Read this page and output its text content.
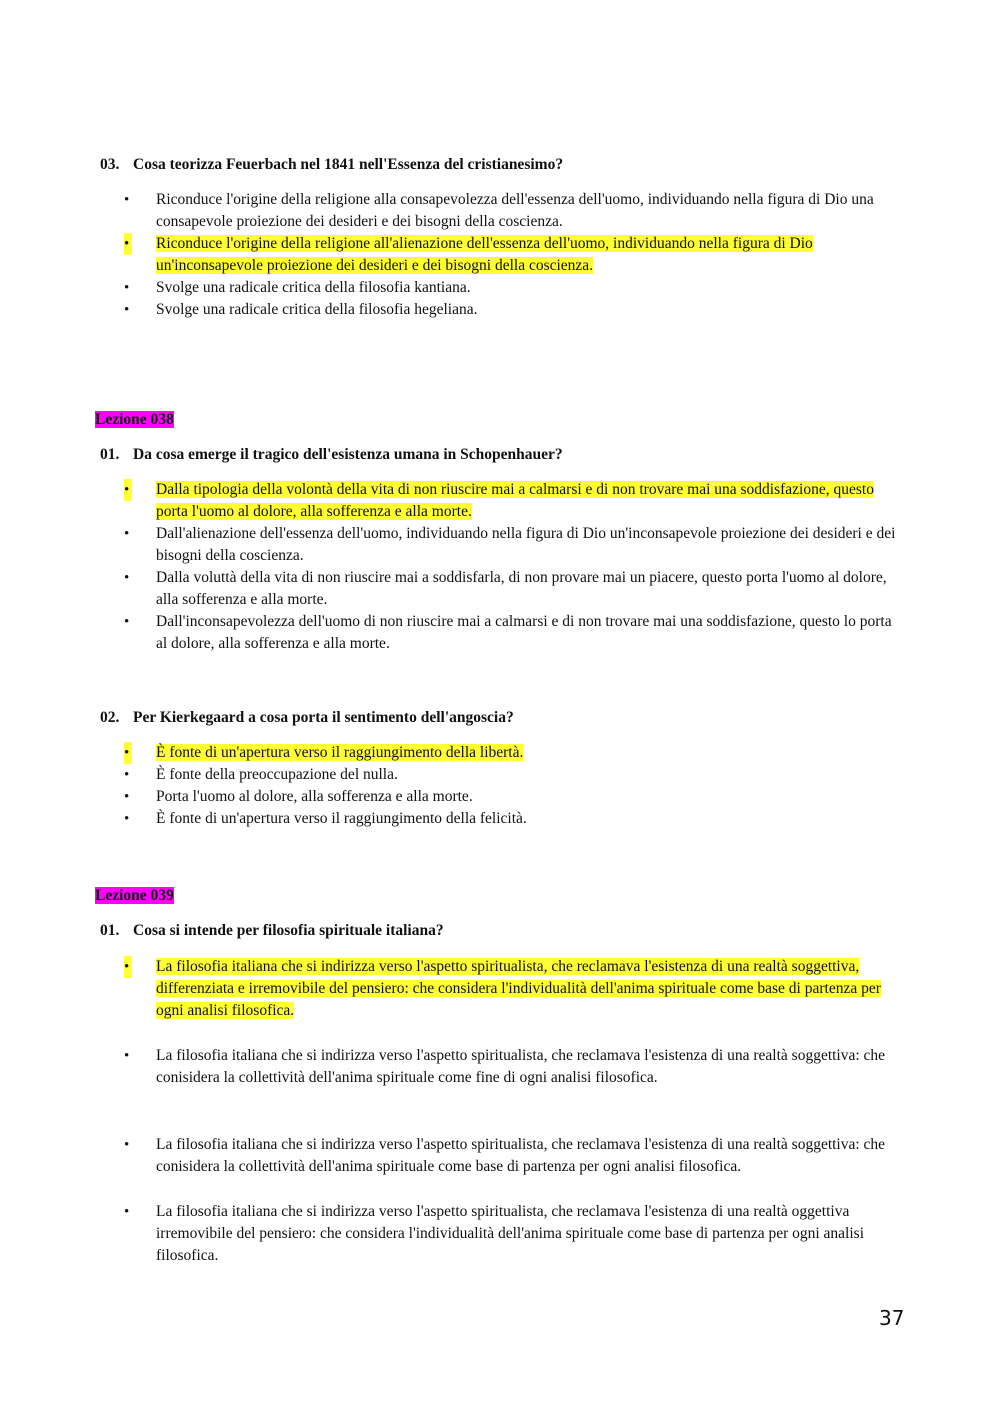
03. Cosa teorizza Feuerbach nel 1841 nell'Essenza del cristianesimo?
• Riconduce l'origine della religione alla consapevolezza dell'essenza dell'uomo, individuando nella figura di Dio una consapevole proiezione dei desideri e dei bisogni della coscienza.
• Riconduce l'origine della religione all'alienazione dell'essenza dell'uomo, individuando nella figura di Dio un'inconsapevole proiezione dei desideri e dei bisogni della coscienza.
• Svolge una radicale critica della filosofia kantiana.
• Svolge una radicale critica della filosofia hegeliana.
Lezione 038
01. Da cosa emerge il tragico dell'esistenza umana in Schopenhauer?
• Dalla tipologia della volontà della vita di non riuscire mai a calmarsi e di non trovare mai una soddisfazione, questo porta l'uomo al dolore, alla sofferenza e alla morte.
• Dall'alienazione dell'essenza dell'uomo, individuando nella figura di Dio un'inconsapevole proiezione dei desideri e dei bisogni della coscienza.
• Dalla voluttà della vita di non riuscire mai a soddisfarla, di non provare mai un piacere, questo porta l'uomo al dolore, alla sofferenza e alla morte.
• Dall'inconsapevolezza dell'uomo di non riuscire mai a calmarsi e di non trovare mai una soddisfazione, questo lo porta al dolore, alla sofferenza e alla morte.
02. Per Kierkegaard a cosa porta il sentimento dell'angoscia?
• È fonte di un'apertura verso il raggiungimento della libertà.
• È fonte della preoccupazione del nulla.
• Porta l'uomo al dolore, alla sofferenza e alla morte.
• È fonte di un'apertura verso il raggiungimento della felicità.
Lezione 039
01. Cosa si intende per filosofia spirituale italiana?
• La filosofia italiana che si indirizza verso l'aspetto spiritualista, che reclamava l'esistenza di una realtà soggettiva, differenziata e irremovibile del pensiero: che considera l'individualità dell'anima spirituale come base di partenza per ogni analisi filosofica.
• La filosofia italiana che si indirizza verso l'aspetto spiritualista, che reclamava l'esistenza di una realtà soggettiva: che conisidera la collettività dell'anima spirituale come fine di ogni analisi filosofica.
• La filosofia italiana che si indirizza verso l'aspetto spiritualista, che reclamava l'esistenza di una realtà soggettiva: che conisidera la collettività dell'anima spirituale come base di partenza per ogni analisi filosofica.
• La filosofia italiana che si indirizza verso l'aspetto spiritualista, che reclamava l'esistenza di una realtà oggettiva irremovibile del pensiero: che considera l'individualità dell'anima spirituale come base di partenza per ogni analisi filosofica.
37
